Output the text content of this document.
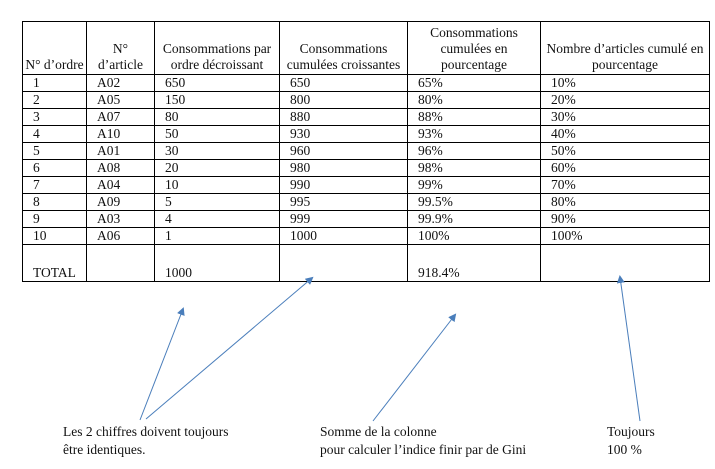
N° d’ordre	N° d’article	Consommations par ordre décroissant	Consommations cumulées croissantes	Consommations cumulées en pourcentage	Nombre d’articles cumulé en pourcentage
1	A02	650	650	65%	10%
2	A05	150	800	80%	20%
3	A07	80	880	88%	30%
4	A10	50	930	93%	40%
5	A01	30	960	96%	50%
6	A08	20	980	98%	60%
7	A04	10	990	99%	70%
8	A09	5	995	99.5%	80%
9	A03	4	999	99.9%	90%
10	A06	1	1000	100%	100%
TOTAL		1000		918.4%	
Les 2 chiffres doivent toujours
être identiques.
Somme de la colonne
pour calculer l’indice finir par de Gini
Toujours
100 %
